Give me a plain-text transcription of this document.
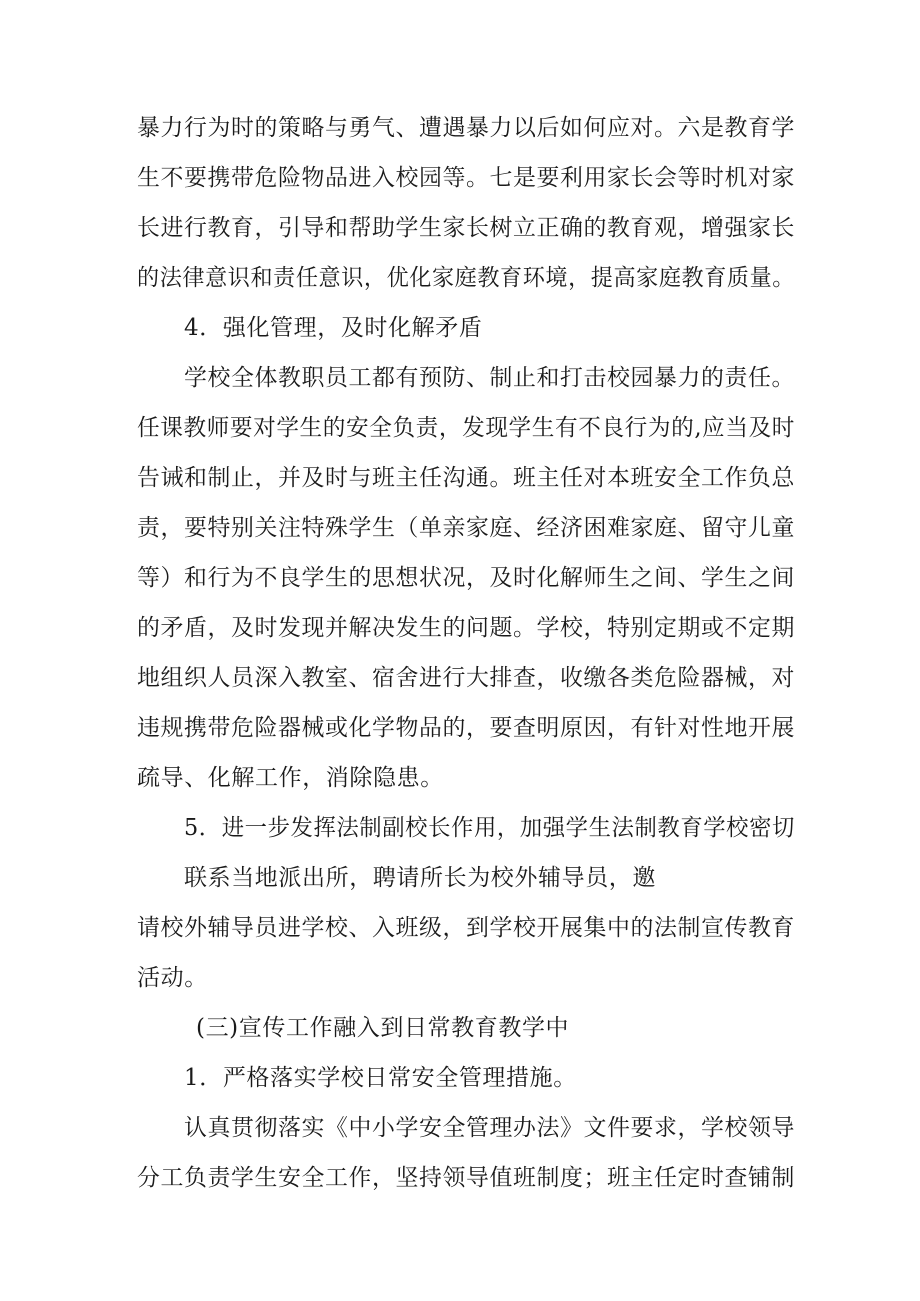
暴力行为时的策略与勇气、遭遇暴力以后如何应对。六是教育学
生不要携带危险物品进入校园等。七是要利用家长会等时机对家
长进行教育，引导和帮助学生家长树立正确的教育观，增强家长
的法律意识和责任意识，优化家庭教育环境，提高家庭教育质量。
4．强化管理，及时化解矛盾
学校全体教职员工都有预防、制止和打击校园暴力的责任。
任课教师要对学生的安全负责，发现学生有不良行为的,应当及时
告诫和制止，并及时与班主任沟通。班主任对本班安全工作负总
责，要特别关注特殊学生（单亲家庭、经济困难家庭、留守儿童
等）和行为不良学生的思想状况，及时化解师生之间、学生之间
的矛盾，及时发现并解决发生的问题。学校，特别定期或不定期
地组织人员深入教室、宿舍进行大排查，收缴各类危险器械，对
违规携带危险器械或化学物品的，要查明原因，有针对性地开展
疏导、化解工作，消除隐患。
5．进一步发挥法制副校长作用，加强学生法制教育学校密切
联系当地派出所，聘请所长为校外辅导员，邀
请校外辅导员进学校、入班级，到学校开展集中的法制宣传教育
活动。
(三)宣传工作融入到日常教育教学中
1．严格落实学校日常安全管理措施。
认真贯彻落实《中小学安全管理办法》文件要求，学校领导
分工负责学生安全工作，坚持领导值班制度；班主任定时查铺制
